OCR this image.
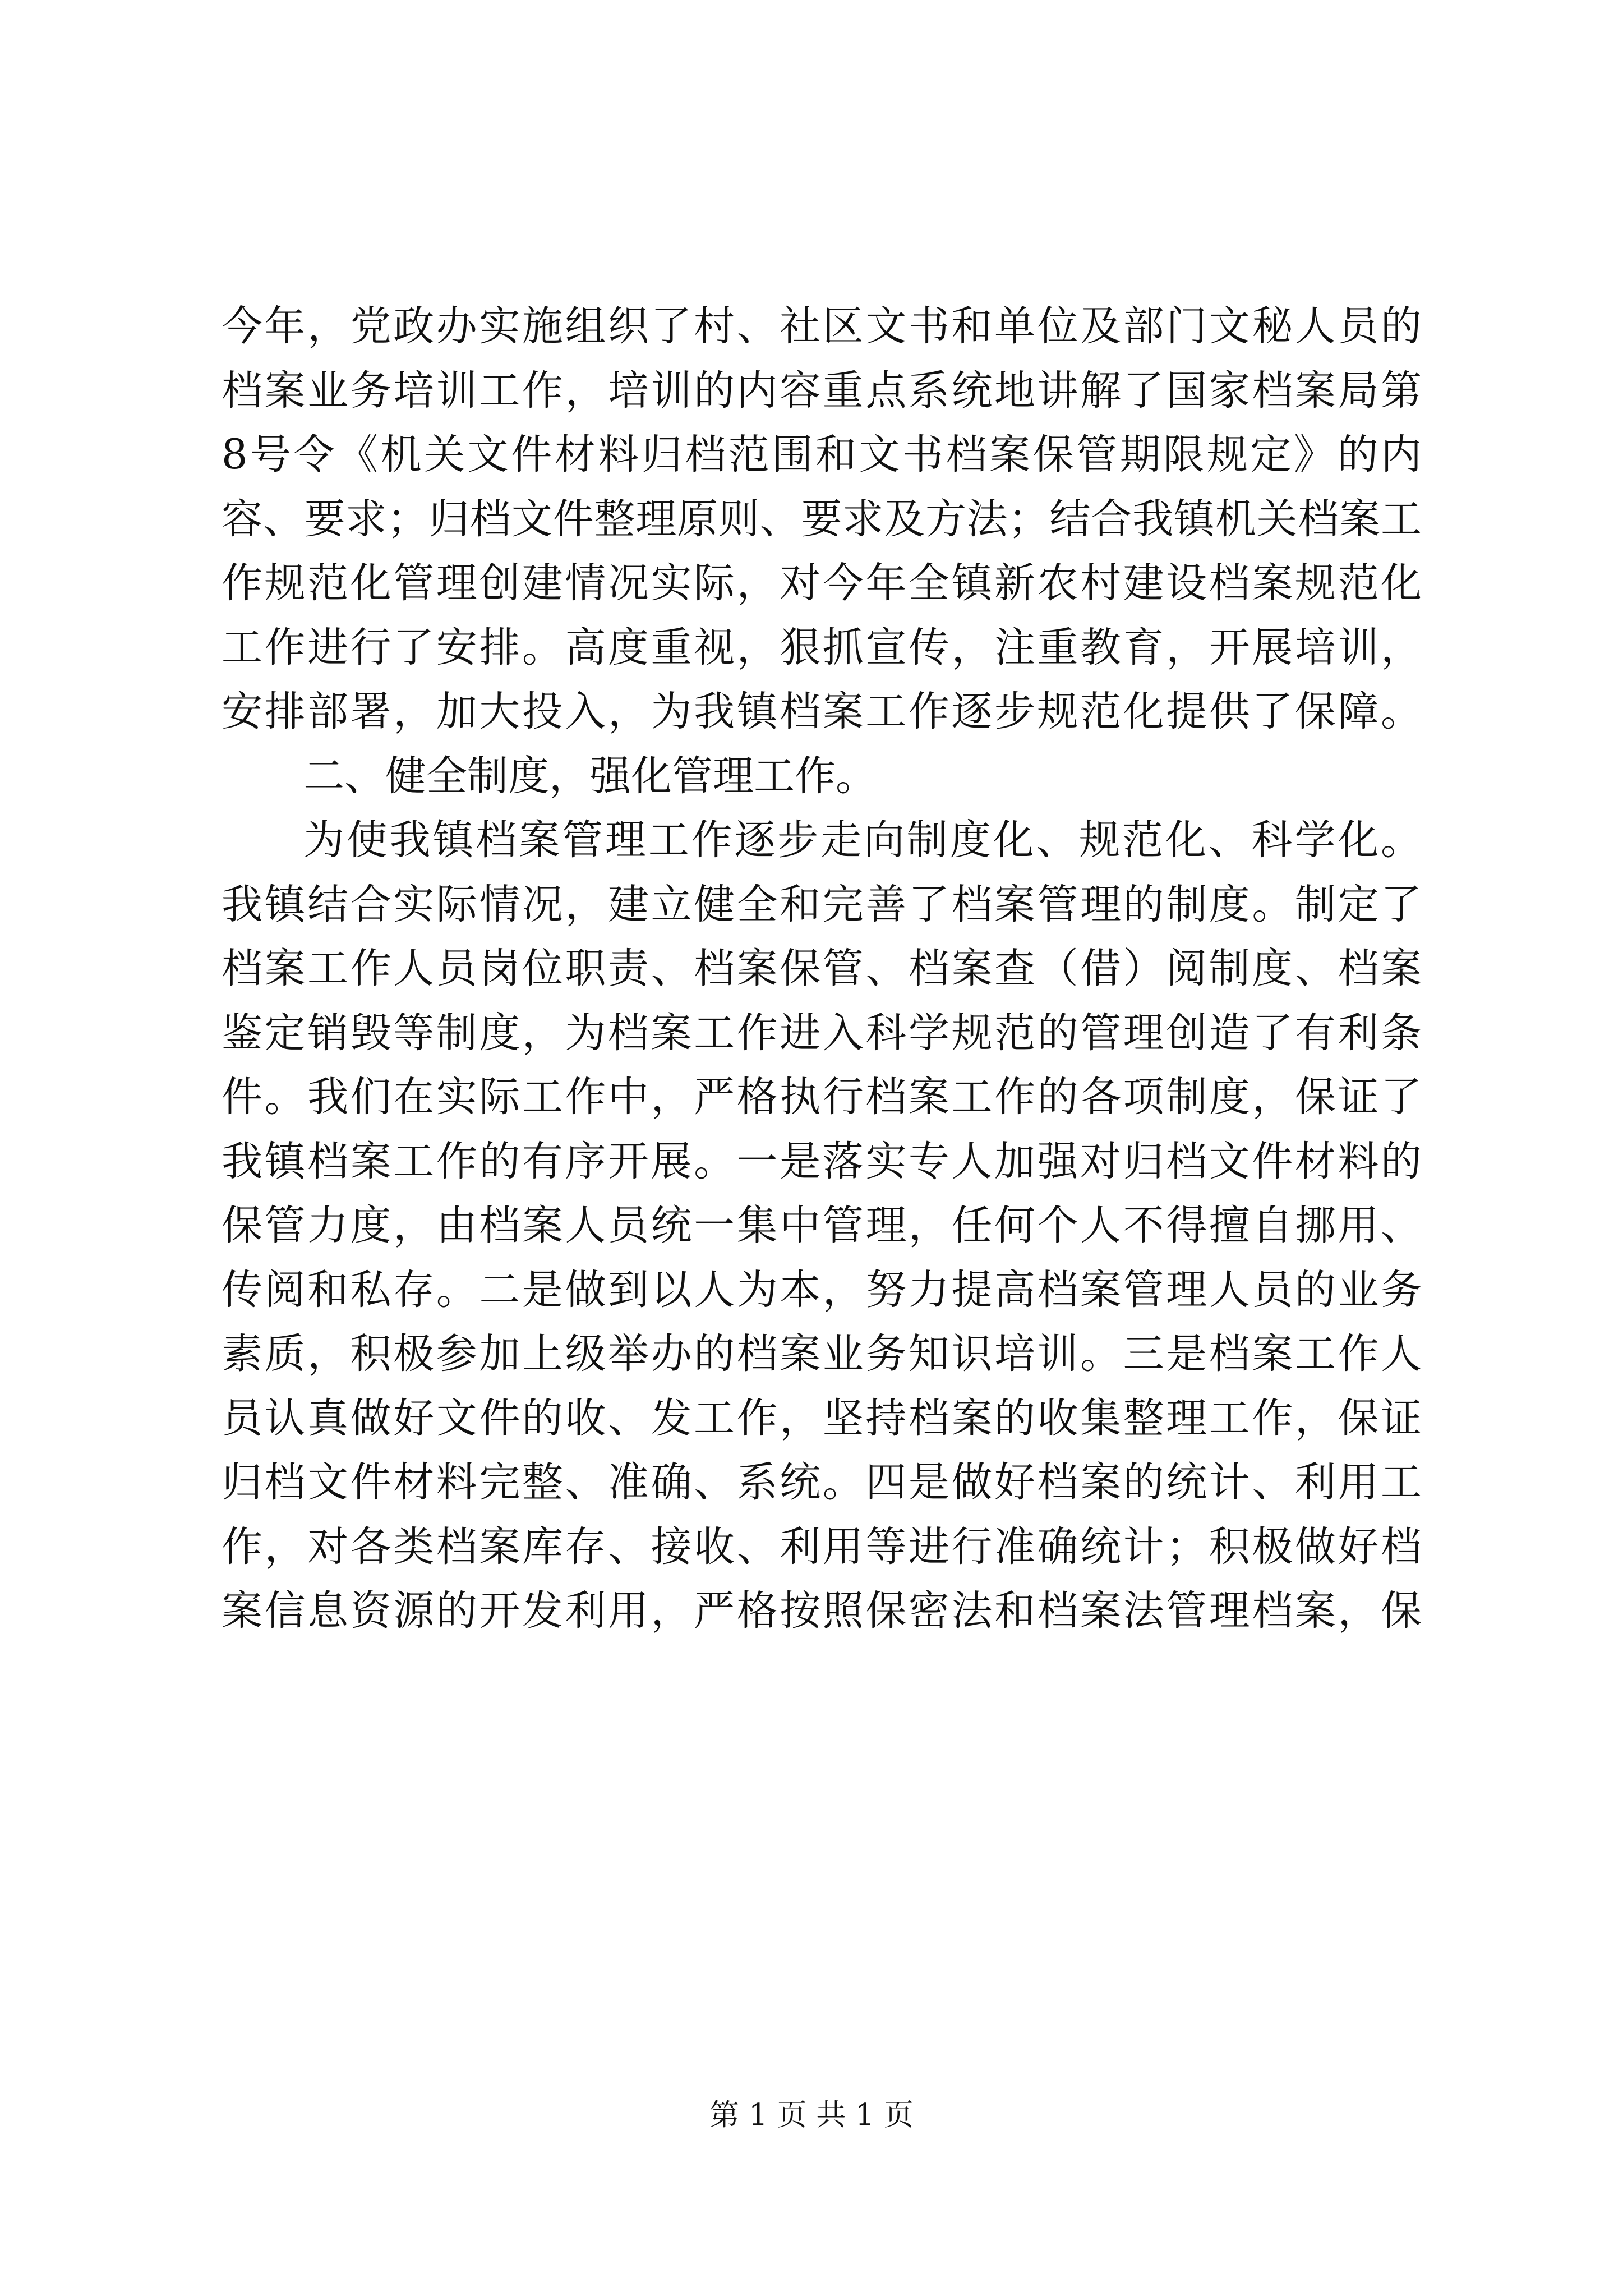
今年，党政办实施组织了村、社区文书和单位及部门文秘人员的
档案业务培训工作，培训的内容重点系统地讲解了国家档案局第
8号令《机关文件材料归档范围和文书档案保管期限规定》的内
容、要求；归档文件整理原则、要求及方法；结合我镇机关档案工
作规范化管理创建情况实际，对今年全镇新农村建设档案规范化
工作进行了安排。高度重视，狠抓宣传，注重教育，开展培训，
安排部署，加大投入，为我镇档案工作逐步规范化提供了保障。
二、健全制度，强化管理工作。
为使我镇档案管理工作逐步走向制度化、规范化、科学化。
我镇结合实际情况，建立健全和完善了档案管理的制度。制定了
档案工作人员岗位职责、档案保管、档案查（借）阅制度、档案
鉴定销毁等制度，为档案工作进入科学规范的管理创造了有利条
件。我们在实际工作中，严格执行档案工作的各项制度，保证了
我镇档案工作的有序开展。一是落实专人加强对归档文件材料的
保管力度，由档案人员统一集中管理，任何个人不得擅自挪用、
传阅和私存。二是做到以人为本，努力提高档案管理人员的业务
素质，积极参加上级举办的档案业务知识培训。三是档案工作人
员认真做好文件的收、发工作，坚持档案的收集整理工作，保证
归档文件材料完整、准确、系统。四是做好档案的统计、利用工
作，对各类档案库存、接收、利用等进行准确统计；积极做好档
案信息资源的开发利用，严格按照保密法和档案法管理档案，保
第 1 页 共 1 页
